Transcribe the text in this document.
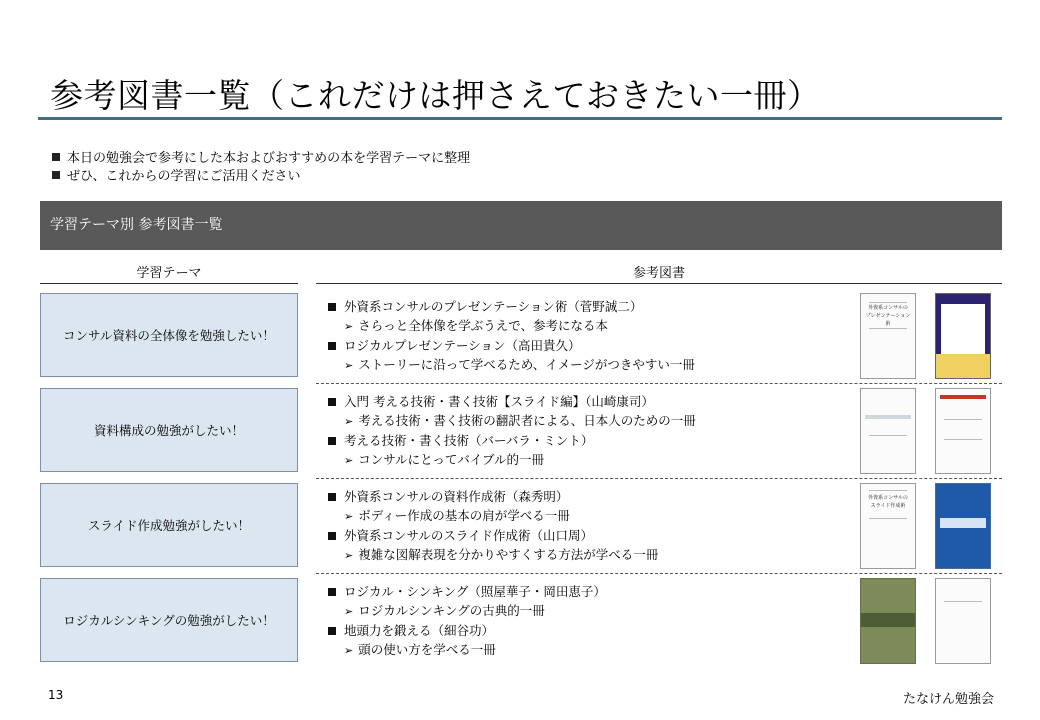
参考図書一覧（これだけは押さえておきたい一冊）
本日の勉強会で参考にした本およびおすすめの本を学習テーマに整理
ぜひ、これからの学習にご活用ください
学習テーマ別 参考図書一覧
学習テーマ	参考図書
コンサル資料の全体像を勉強したい！
外資系コンサルのプレゼンテーション術（菅野誠二）
➢ さらっと全体像を学ぶうえで、参考になる本
ロジカルプレゼンテーション（高田貴久）
➢ ストーリーに沿って学べるため、イメージがつきやすい一冊
外資系コンサルの
プレゼンテーション術
資料構成の勉強がしたい！
入門 考える技術・書く技術【スライド編】（山崎康司）
➢ 考える技術・書く技術の翻訳者による、日本人のための一冊
考える技術・書く技術（バーバラ・ミント）
➢ コンサルにとってバイブル的一冊
スライド作成勉強がしたい！
外資系コンサルの資料作成術（森秀明）
➢ ボディー作成の基本の肩が学べる一冊
外資系コンサルのスライド作成術（山口周）
➢ 複雑な図解表現を分かりやすくする方法が学べる一冊
外資系コンサルの
スライド作成術
ロジカルシンキングの勉強がしたい！
ロジカル・シンキング（照屋華子・岡田恵子）
➢ ロジカルシンキングの古典的一冊
地頭力を鍛える（細谷功）
➢ 頭の使い方を学べる一冊
13	たなけん勉強会
